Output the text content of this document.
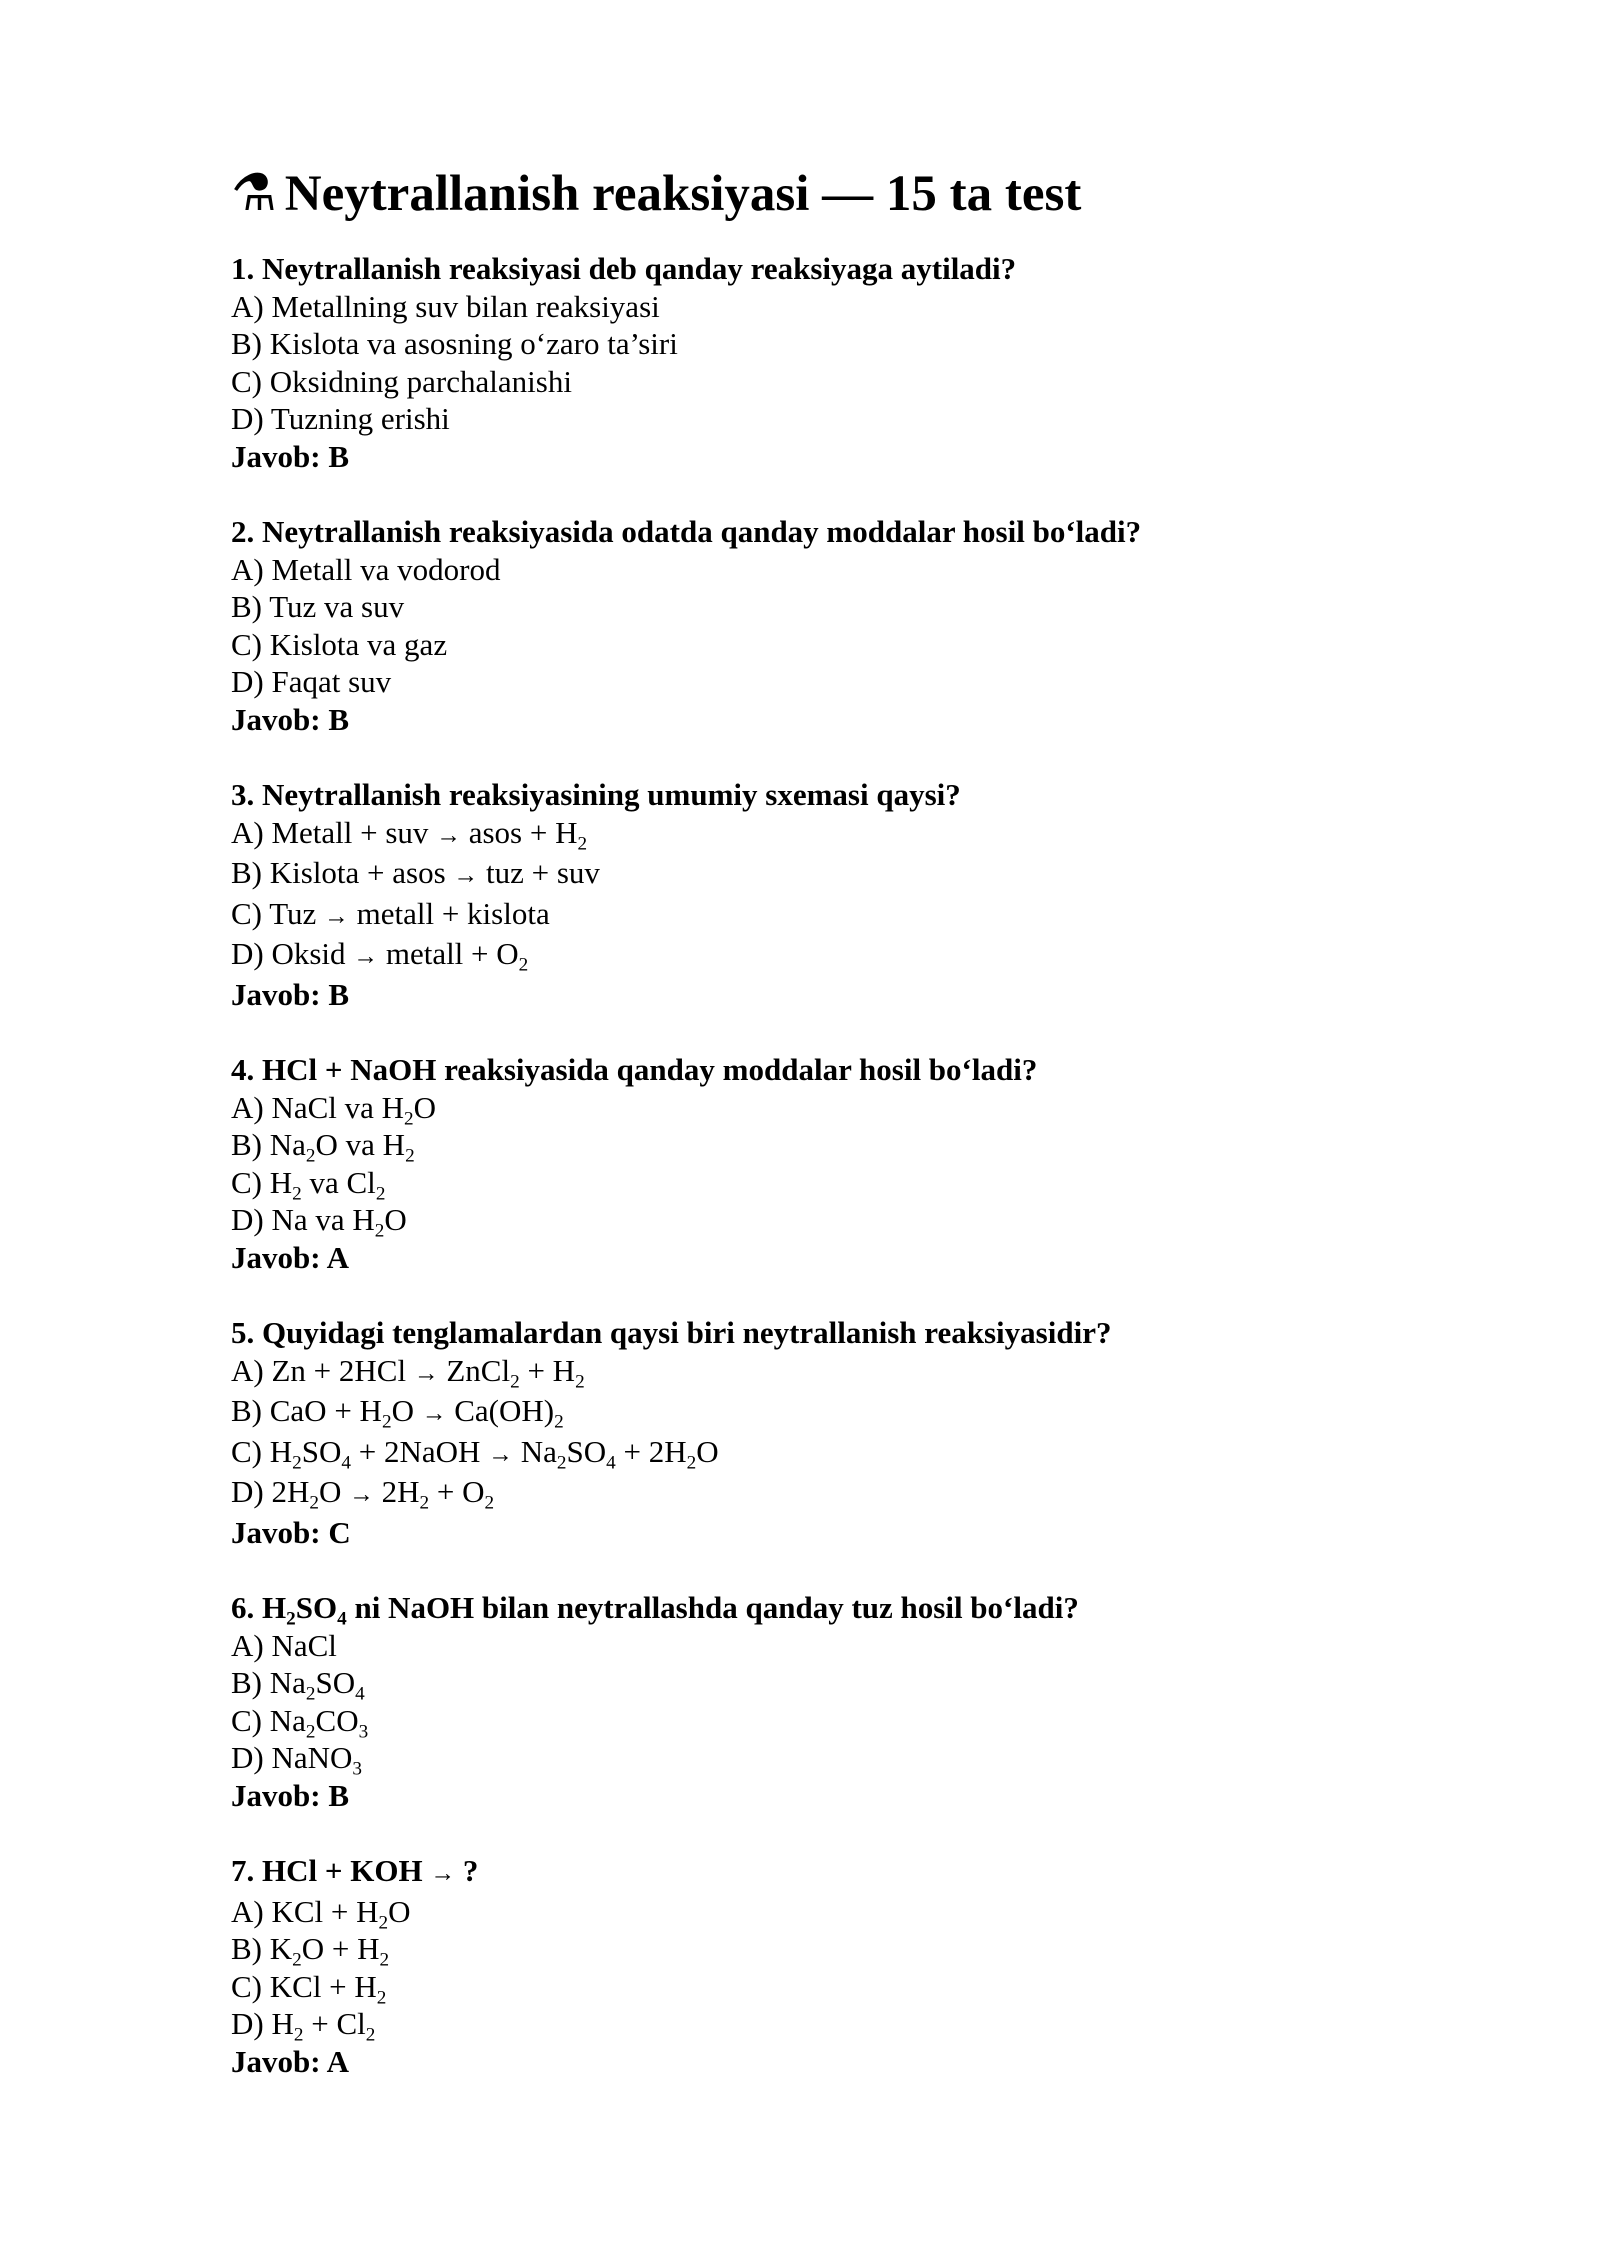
⚗ Neytrallanish reaksiyasi — 15 ta test
1. Neytrallanish reaksiyasi deb qanday reaksiyaga aytiladi?
A) Metallning suv bilan reaksiyasi
B) Kislota va asosning o‘zaro ta’siri
C) Oksidning parchalanishi
D) Tuzning erishi
Javob: B
2. Neytrallanish reaksiyasida odatda qanday moddalar hosil bo‘ladi?
A) Metall va vodorod
B) Tuz va suv
C) Kislota va gaz
D) Faqat suv
Javob: B
3. Neytrallanish reaksiyasining umumiy sxemasi qaysi?
A) Metall + suv → asos + $H_2$
B) Kislota + asos → tuz + suv
C) Tuz → metall + kislota
D) Oksid → metall + $O_2$
Javob: B
4. HCl + NaOH reaksiyasida qanday moddalar hosil bo‘ladi?
A) NaCl va $H_2O$
B) $Na_2O$ va $H_2$
C) $H_2$ va $Cl_2$
D) Na va $H_2O$
Javob: A
5. Quyidagi tenglamalardan qaysi biri neytrallanish reaksiyasidir?
A) Zn + 2HCl → ZnCl$_2$ + $H_2$
B) CaO + $H_2O \to Ca(OH)_2$
C) $H_2SO_4$ + 2NaOH → $Na_2SO_4 + 2H_2O$
D) $2H_2O \to 2H_2 + O_2$
Javob: C
6. $H_2SO_4$ ni NaOH bilan neytrallashda qanday tuz hosil bo‘ladi?
A) NaCl
B) $Na_2SO_4$
C) $Na_2CO_3$
D) NaNO$_3$
Javob: B
7. HCl + KOH → ?
A) KCl + $H_2O$
B) $K_2O + H_2$
C) KCl + $H_2$
D) $H_2 + Cl_2$
Javob: A
